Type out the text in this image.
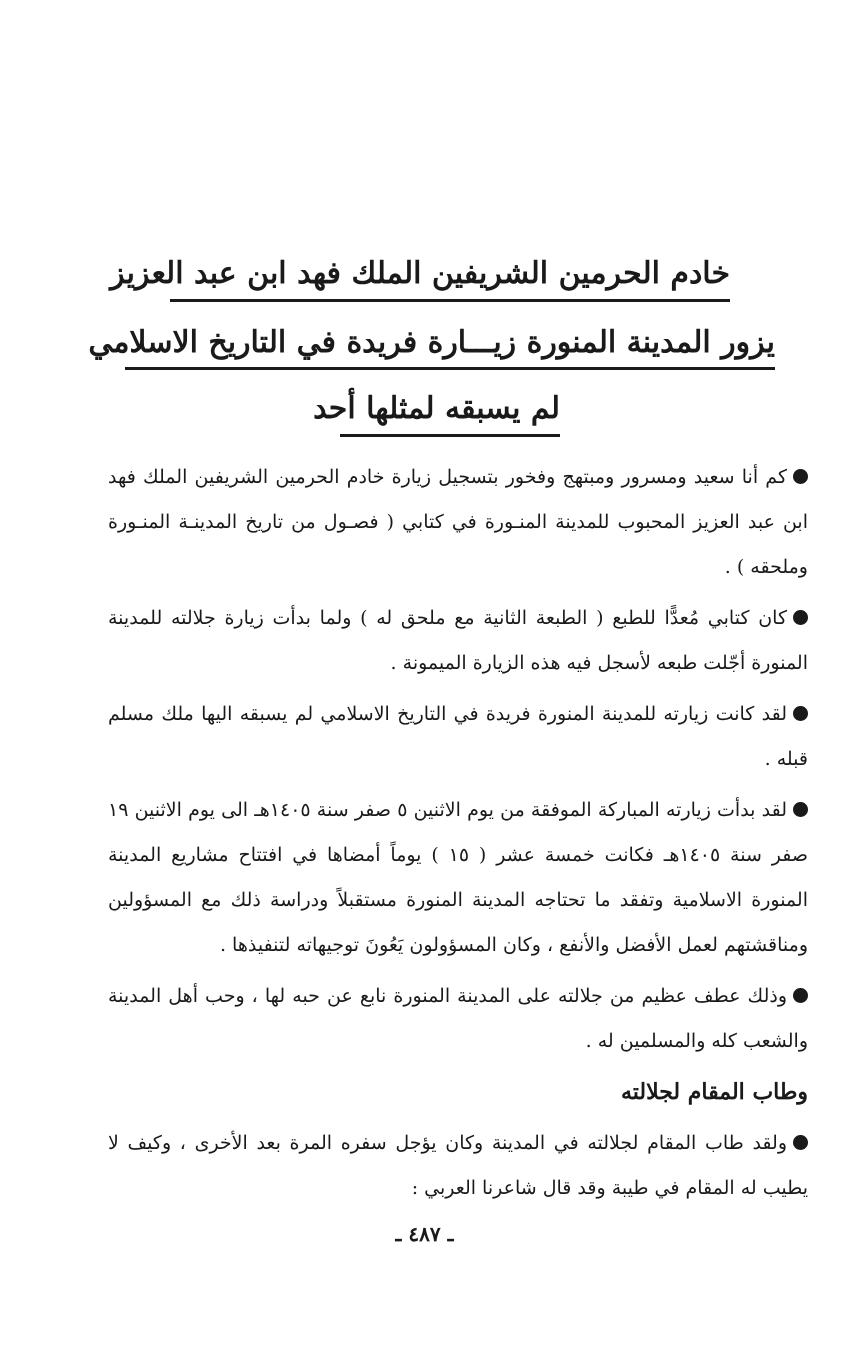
خادم الحرمين الشريفين الملك فهد ابن عبد العزيز
يزور المدينة المنورة زيـــارة فريدة في التاريخ الاسلامي
لم يسبقه لمثلها أحد

كم أنا سعيد ومسرور ومبتهج وفخور بتسجيل زيارة خادم الحرمين الشريفين الملك فهد ابن عبد العزيز المحبوب للمدينة المنـورة في كتابي ( فصـول من تاريخ المدينـة المنـورة وملحقه ) .

كان كتابي مُعدًّا للطبع ( الطبعة الثانية مع ملحق له ) ولما بدأت زيارة جلالته للمدينة المنورة أجّلت طبعه لأسجل فيه هذه الزيارة الميمونة .

لقد كانت زيارته للمدينة المنورة فريدة في التاريخ الاسلامي لم يسبقه اليها ملك مسلم قبله .

لقد بدأت زيارته المباركة الموفقة من يوم الاثنين ٥ صفر سنة ١٤٠٥هـ الى يوم الاثنين ١٩ صفر سنة ١٤٠٥هـ فكانت خمسة عشر ( ١٥ ) يوماً أمضاها في افتتاح مشاريع المدينة المنورة الاسلامية وتفقد ما تحتاجه المدينة المنورة مستقبلاً ودراسة ذلك مع المسؤولين ومناقشتهم لعمل الأفضل والأنفع ، وكان المسؤولون يَعُونَ توجيهاته لتنفيذها .

وذلك عطف عظيم من جلالته على المدينة المنورة نابع عن حبه لها ، وحب أهل المدينة والشعب كله والمسلمين له .

وطاب المقام لجلالته

ولقد طاب المقام لجلالته في المدينة وكان يؤجل سفره المرة بعد الأخرى ، وكيف لا يطيب له المقام في طيبة وقد قال شاعرنا العربي :

ـ ٤٨٧ ـ
